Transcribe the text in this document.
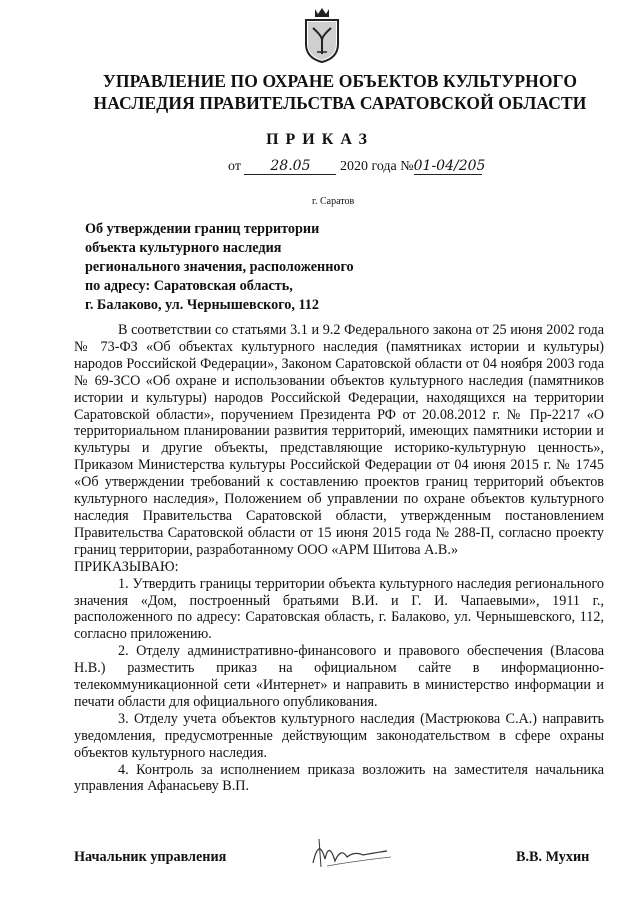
УПРАВЛЕНИЕ ПО ОХРАНЕ ОБЪЕКТОВ КУЛЬТУРНОГО
НАСЛЕДИЯ ПРАВИТЕЛЬСТВА САРАТОВСКОЙ ОБЛАСТИ
ПРИКАЗ
от 28.05 2020 года №01-04/205
г. Саратов
Об утверждении границ территории
объекта культурного наследия
регионального значения, расположенного
по адресу: Саратовская область,
г. Балаково, ул. Чернышевского, 112

В соответствии со статьями 3.1 и 9.2 Федерального закона от 25 июня 2002 года № 73-ФЗ «Об объектах культурного наследия (памятниках истории и культуры) народов Российской Федерации», Законом Саратовской области от 04 ноября 2003 года № 69-ЗСО «Об охране и использовании объектов культурного наследия (памятников истории и культуры) народов Российской Федерации, находящихся на территории Саратовской области», поручением Президента РФ от 20.08.2012 г. № Пр-2217 «О территориальном планировании развития территорий, имеющих памятники истории и культуры и другие объекты, представляющие историко-культурную ценность», Приказом Министерства культуры Российской Федерации от 04 июня 2015 г. № 1745 «Об утверждении требований к составлению проектов границ территорий объектов культурного наследия», Положением об управлении по охране объектов культурного наследия Правительства Саратовской области, утвержденным постановлением Правительства Саратовской области от 15 июня 2015 года № 288-П, согласно проекту границ территории, разработанному ООО «АРМ Шитова А.В.»

ПРИКАЗЫВАЮ:

1. Утвердить границы территории объекта культурного наследия регионального значения «Дом, построенный братьями В.И. и Г. И. Чапаевыми», 1911 г., расположенного по адресу: Саратовская область, г. Балаково, ул. Чернышевского, 112, согласно приложению.

2. Отделу административно-финансового и правового обеспечения (Власова Н.В.) разместить приказ на официальном сайте в информационно-телекоммуникационной сети «Интернет» и направить в министерство информации и печати области для официального опубликования.

3. Отделу учета объектов культурного наследия (Мастрюкова С.А.) направить уведомления, предусмотренные действующим законодательством в сфере охраны объектов культурного наследия.

4. Контроль за исполнением приказа возложить на заместителя начальника управления Афанасьеву В.П.

Начальник управления	В.В. Мухин
